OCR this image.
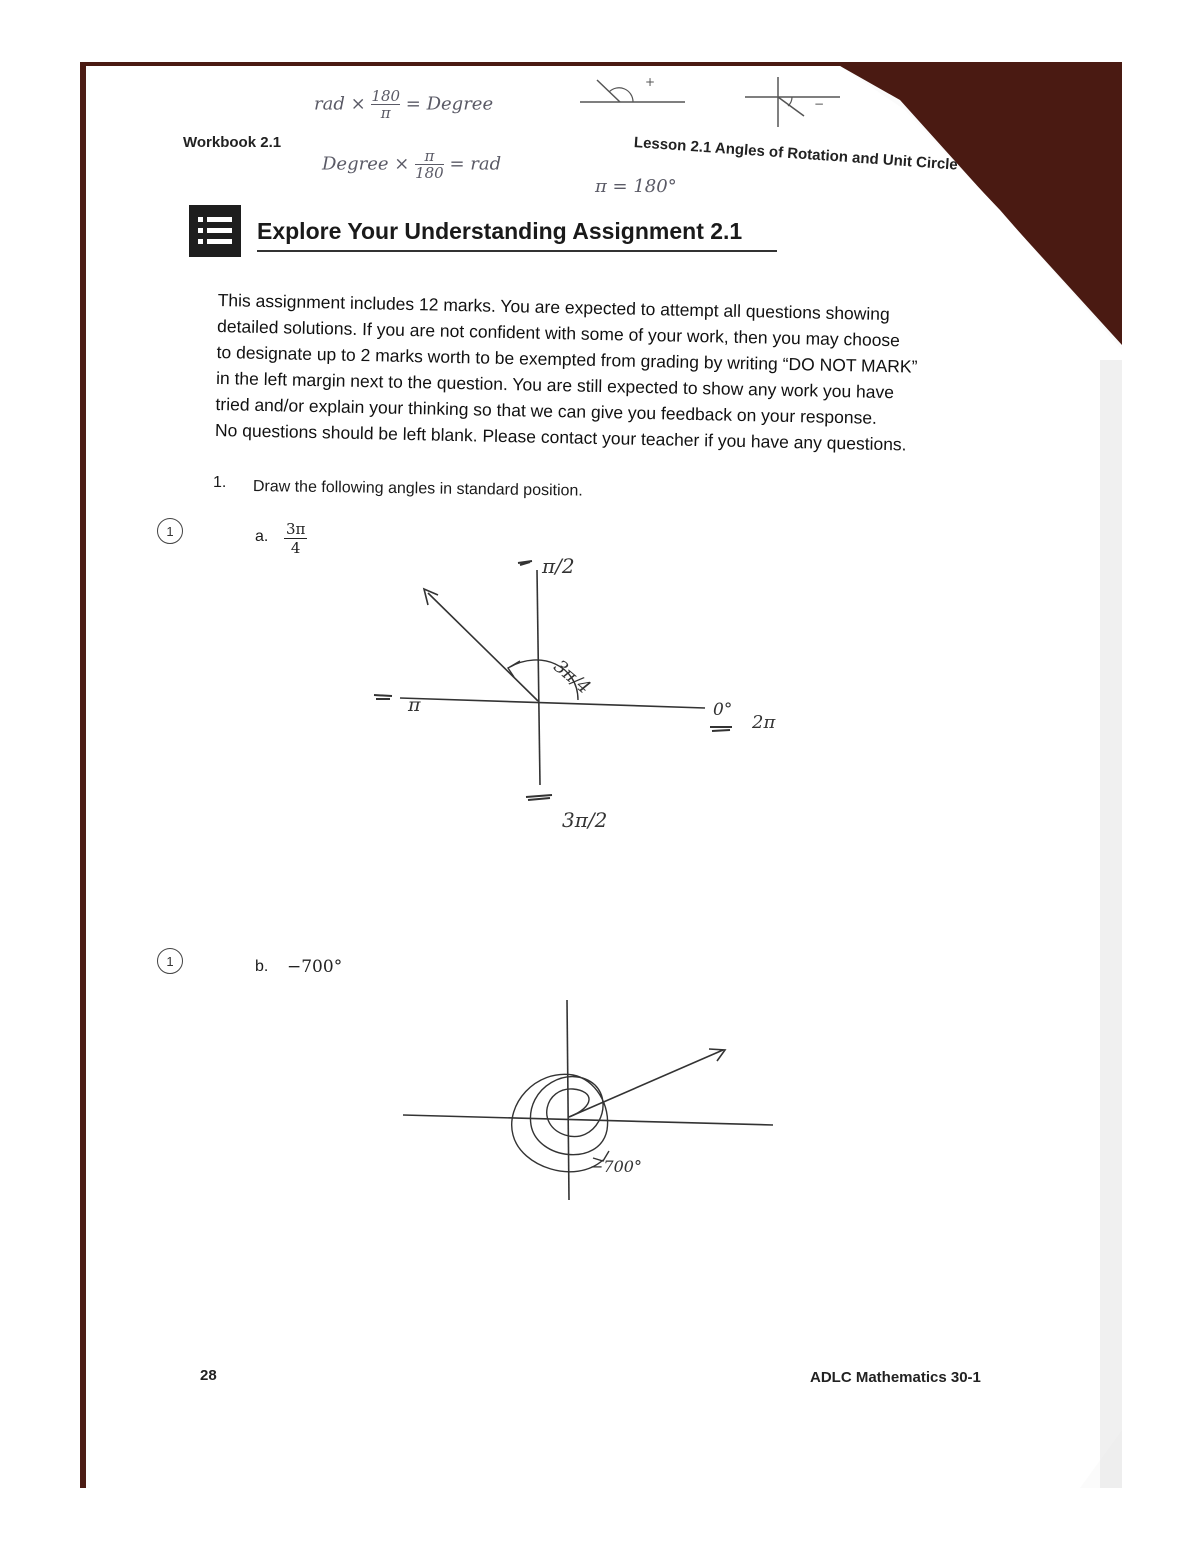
Workbook 2.1	Lesson 2.1 Angles of Rotation and Unit Circle
rad × $\frac{180}{\pi}$ = Degree
Degree × $\frac{\pi}{180}$ = rad
π = 180°
+
−
Explore Your Understanding Assignment 2.1
This assignment includes 12 marks. You are expected to attempt all questions showing
detailed solutions. If you are not confident with some of your work, then you may choose
to designate up to 2 marks worth to be exempted from grading by writing “DO NOT MARK”
in the left margin next to the question. You are still expected to show any work you have
tried and/or explain your thinking so that we can give you feedback on your response.
No questions should be left blank. Please contact your teacher if you have any questions.
1. Draw the following angles in standard position.
1	a. $\frac{3\pi}{4}$
π/2
π	0°
2π
3π/2
3π/4
1	b. −700°
−700°
28	ADLC Mathematics 30-1
